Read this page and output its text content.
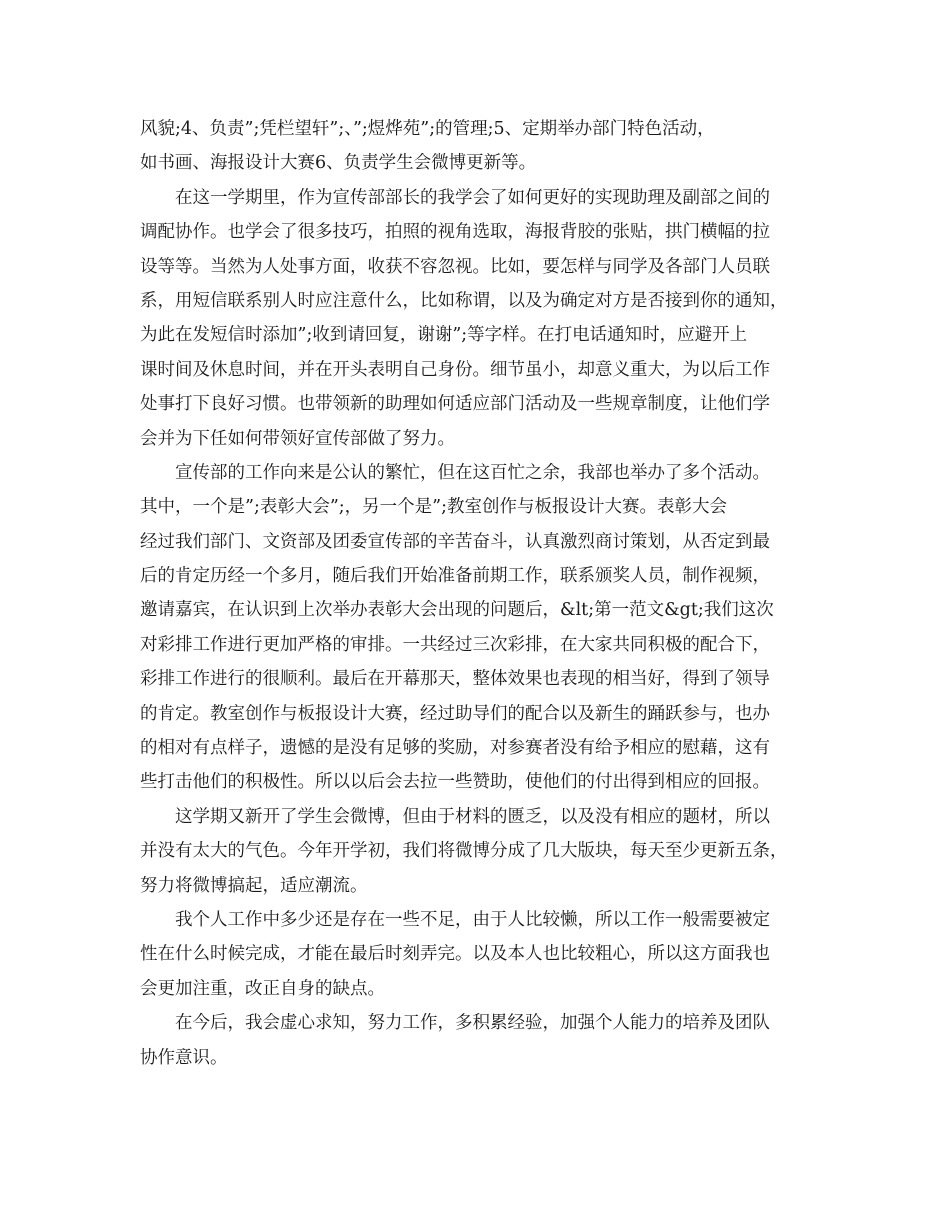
风貌;4、负责”;凭栏望轩”;、”;煜烨苑”;的管理;5、定期举办部门特色活动，
如书画、海报设计大赛6、负责学生会微博更新等。
在这一学期里，作为宣传部部长的我学会了如何更好的实现助理及副部之间的
调配协作。也学会了很多技巧，拍照的视角选取，海报背胶的张贴，拱门横幅的拉
设等等。当然为人处事方面，收获不容忽视。比如，要怎样与同学及各部门人员联
系，用短信联系别人时应注意什么，比如称谓，以及为确定对方是否接到你的通知，
为此在发短信时添加”;收到请回复，谢谢”;等字样。在打电话通知时，应避开上
课时间及休息时间，并在开头表明自己身份。细节虽小，却意义重大，为以后工作
处事打下良好习惯。也带领新的助理如何适应部门活动及一些规章制度，让他们学
会并为下任如何带领好宣传部做了努力。
宣传部的工作向来是公认的繁忙，但在这百忙之余，我部也举办了多个活动。
其中，一个是”;表彰大会”;，另一个是”;教室创作与板报设计大赛。表彰大会
经过我们部门、文资部及团委宣传部的辛苦奋斗，认真激烈商讨策划，从否定到最
后的肯定历经一个多月，随后我们开始准备前期工作，联系颁奖人员，制作视频，
邀请嘉宾，在认识到上次举办表彰大会出现的问题后，&lt;第一范文&gt;我们这次
对彩排工作进行更加严格的审排。一共经过三次彩排，在大家共同积极的配合下，
彩排工作进行的很顺利。最后在开幕那天，整体效果也表现的相当好，得到了领导
的肯定。教室创作与板报设计大赛，经过助导们的配合以及新生的踊跃参与，也办
的相对有点样子，遗憾的是没有足够的奖励，对参赛者没有给予相应的慰藉，这有
些打击他们的积极性。所以以后会去拉一些赞助，使他们的付出得到相应的回报。
这学期又新开了学生会微博，但由于材料的匮乏，以及没有相应的题材，所以
并没有太大的气色。今年开学初，我们将微博分成了几大版块，每天至少更新五条，
努力将微博搞起，适应潮流。
我个人工作中多少还是存在一些不足，由于人比较懒，所以工作一般需要被定
性在什么时候完成，才能在最后时刻弄完。以及本人也比较粗心，所以这方面我也
会更加注重，改正自身的缺点。
在今后，我会虚心求知，努力工作，多积累经验，加强个人能力的培养及团队
协作意识。
